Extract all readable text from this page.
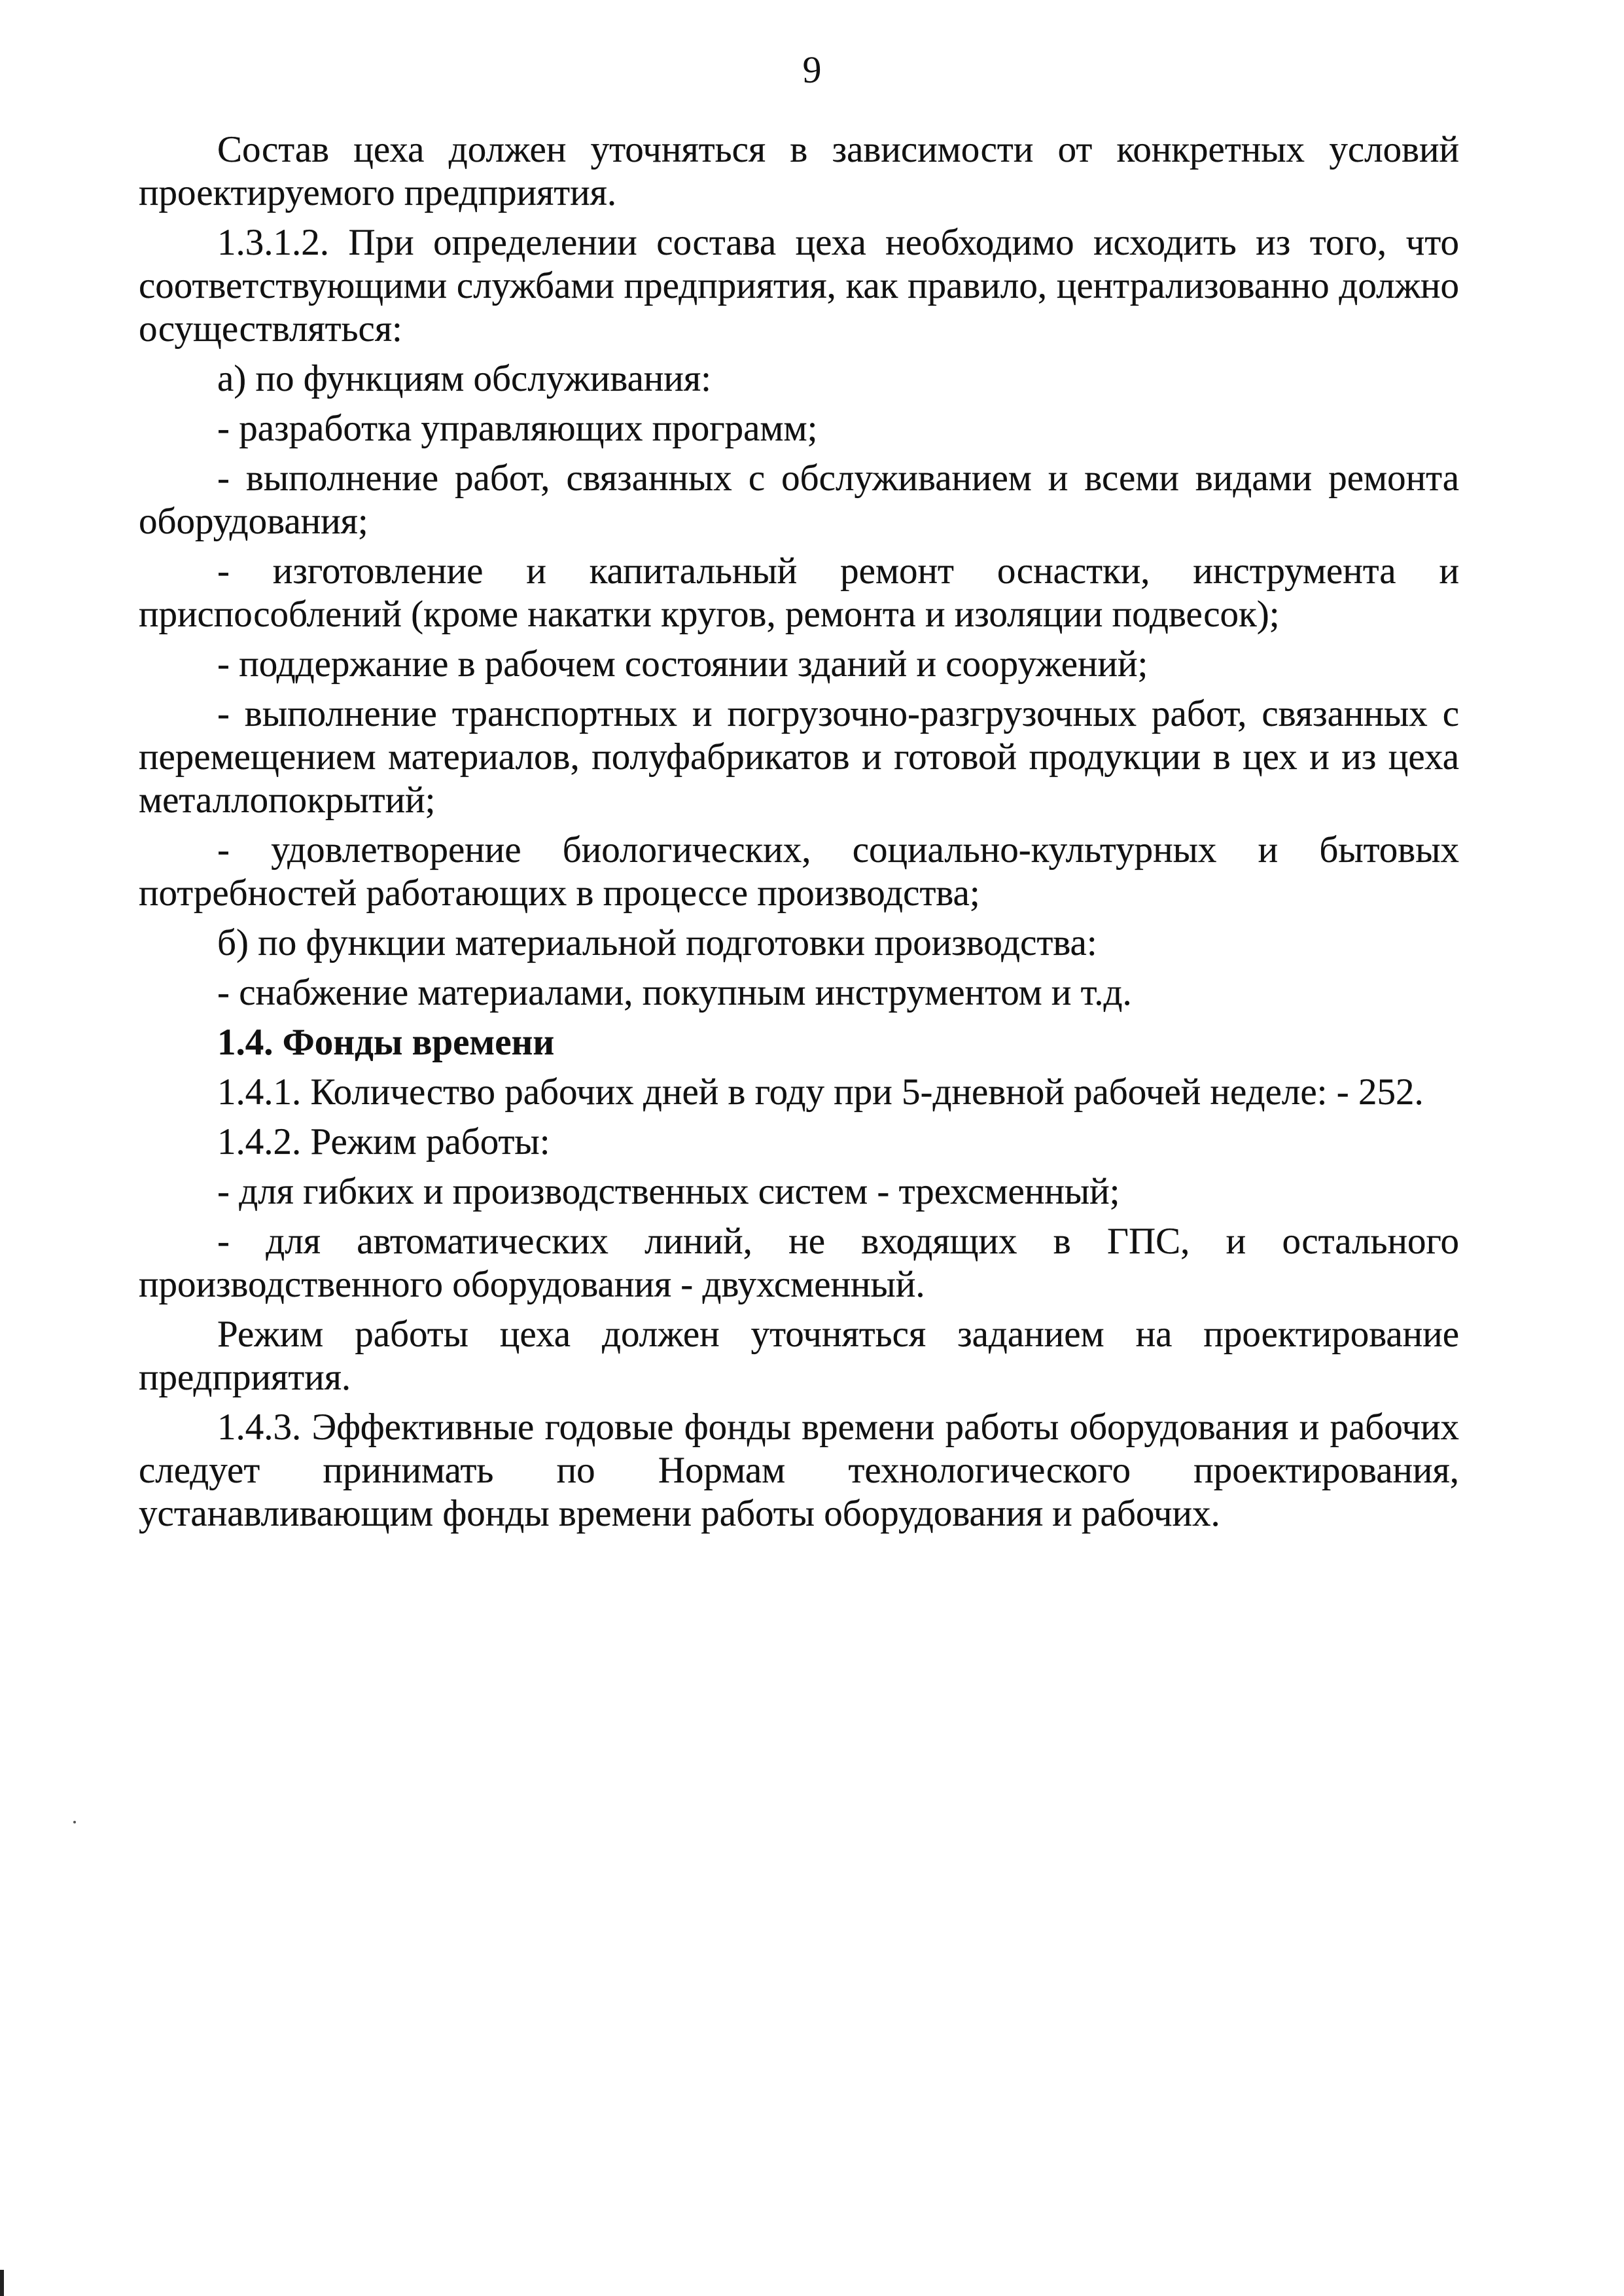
9

Состав цеха должен уточняться в зависимости от конкретных условий проектируемого предприятия.

1.3.1.2. При определении состава цеха необходимо исходить из того, что соответствующими службами предприятия, как правило, централизованно должно осуществляться:

а) по функциям обслуживания:

- разработка управляющих программ;

- выполнение работ, связанных с обслуживанием и всеми видами ремонта оборудования;

- изготовление и капитальный ремонт оснастки, инструмента и приспособлений (кроме накатки кругов, ремонта и изоляции подвесок);

- поддержание в рабочем состоянии зданий и сооружений;

- выполнение транспортных и погрузочно-разгрузочных работ, связанных с перемещением материалов, полуфабрикатов и готовой продукции в цех и из цеха металлопокрытий;

- удовлетворение биологических, социально-культурных и бытовых потребностей работающих в процессе производства;

б) по функции материальной подготовки производства:

- снабжение материалами, покупным инструментом и т.д.

1.4. Фонды времени

1.4.1. Количество рабочих дней в году при 5-дневной рабочей неделе: - 252.

1.4.2. Режим работы:

- для гибких и производственных систем - трехсменный;

- для автоматических линий, не входящих в ГПС, и остального производственного оборудования - двухсменный.

Режим работы цеха должен уточняться заданием на проектирование предприятия.

1.4.3. Эффективные годовые фонды времени работы оборудования и рабочих следует принимать по Нормам технологического проектирования, устанавливающим фонды времени работы оборудования и рабочих.
